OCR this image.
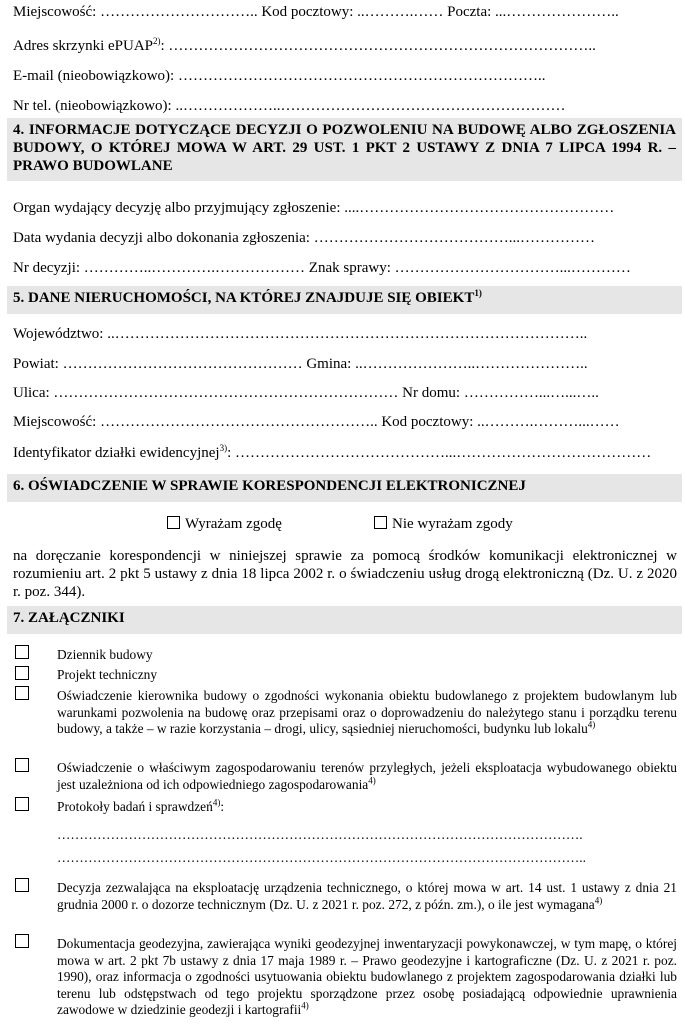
Miejscowość: ………………………….. Kod pocztowy: ..……….…… Poczta: ...…………………..
Adres skrzynki ePUAP$^{2)}$: …………………………………………………………………………..
E-mail (nieobowiązkowo): ………………………………………………………………..
Nr tel. (nieobowiązkowo): ..………………..…………………………………………………
4. INFORMACJE DOTYCZĄCE DECYZJI O POZWOLENIU NA BUDOWĘ ALBO ZGŁOSZENIA BUDOWY, O KTÓREJ MOWA W ART. 29 UST. 1 PKT 2 USTAWY Z DNIA 7 LIPCA 1994 R. – PRAWO BUDOWLANE
Organ wydający decyzję albo przyjmujący zgłoszenie: ....……………………………………………
Data wydania decyzji albo dokonania zgłoszenia: …………………………………...……………
Nr decyzji: …………..………….……………… Znak sprawy: ……………………………...…………
5. DANE NIERUCHOMOŚCI, NA KTÓREJ ZNAJDUJE SIĘ OBIEKT$^{1)}$
Województwo: ..…………………………………………………………………………………..
Powiat: ………………………………………… Gmina: ..…………………..…………………..
Ulica: …………………………………………………………… Nr domu: ……………...…...…..
Miejscowość: ……………………………………………….. Kod pocztowy: ..……….………...……
Identyfikator działki ewidencyjnej$^{3)}$: ……………………………………...…………………………………
6. OŚWIADCZENIE W SPRAWIE KORESPONDENCJI ELEKTRONICZNEJ
Wyrażam zgodę	Nie wyrażam zgody
na doręczanie korespondencji w niniejszej sprawie za pomocą środków komunikacji elektronicznej w rozumieniu art. 2 pkt 5 ustawy z dnia 18 lipca 2002 r. o świadczeniu usług drogą elektroniczną (Dz. U. z 2020 r. poz. 344).
7. ZAŁĄCZNIKI
Dziennik budowy
Projekt techniczny
Oświadczenie kierownika budowy o zgodności wykonania obiektu budowlanego z projektem budowlanym lub warunkami pozwolenia na budowę oraz przepisami oraz o doprowadzeniu do należytego stanu i porządku terenu budowy, a także – w razie korzystania – drogi, ulicy, sąsiedniej nieruchomości, budynku lub lokalu$^{4)}$
Oświadczenie o właściwym zagospodarowaniu terenów przyległych, jeżeli eksploatacja wybudowanego obiektu jest uzależniona od ich odpowiedniego zagospodarowania$^{4)}$
Protokoły badań i sprawdzeń$^{4)}$:
……………………………………………………………………………………………………….
………………………………………………………………………………………………………..
Decyzja zezwalająca na eksploatację urządzenia technicznego, o której mowa w art. 14 ust. 1 ustawy z dnia 21 grudnia 2000 r. o dozorze technicznym (Dz. U. z 2021 r. poz. 272, z późn. zm.), o ile jest wymagana$^{4)}$
Dokumentacja geodezyjna, zawierająca wyniki geodezyjnej inwentaryzacji powykonawczej, w tym mapę, o której mowa w art. 2 pkt 7b ustawy z dnia 17 maja 1989 r. – Prawo geodezyjne i kartograficzne (Dz. U. z 2021 r. poz. 1990), oraz informacja o zgodności usytuowania obiektu budowlanego z projektem zagospodarowania działki lub terenu lub odstępstwach od tego projektu sporządzone przez osobę posiadającą odpowiednie uprawnienia zawodowe w dziedzinie geodezji i kartografii$^{4)}$
